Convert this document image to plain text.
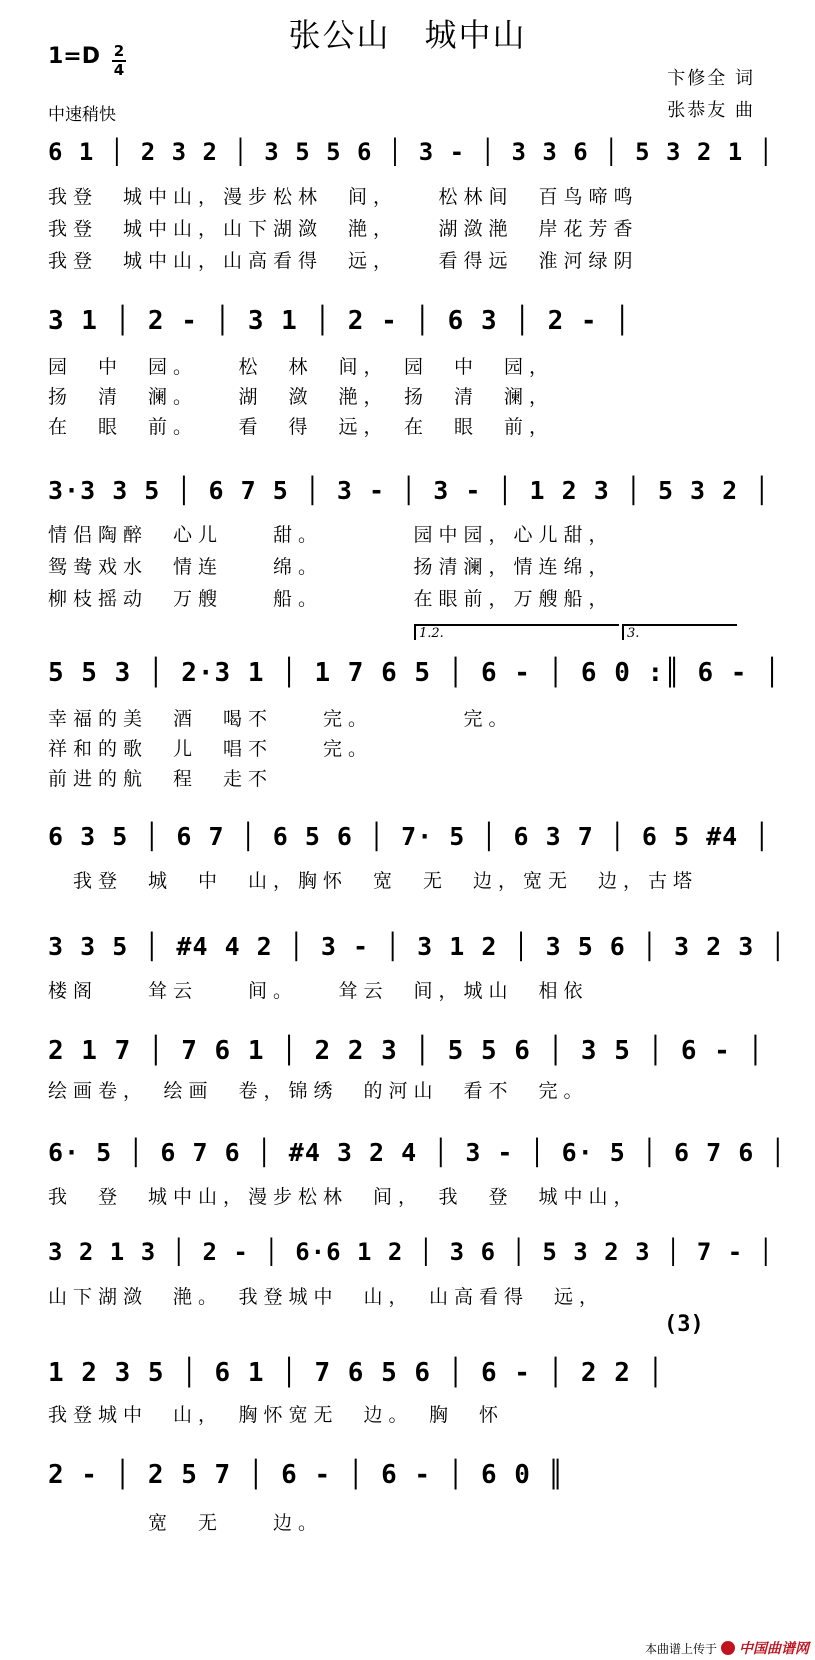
张公山　城中山
1=D 2
4
中速稍快
卞修全 词
张恭友 曲
6 1 │ 2 3 2 │ 3 5 5 6 │ 3 - │ 3 3 6 │ 5 3 2 1 │
我登　城中山，漫步松林　间，　　松林间　百鸟啼鸣
我登　城中山，山下湖潋　滟，　　湖潋滟　岸花芳香
我登　城中山，山高看得　远，　　看得远　淮河绿阴
3 1 │ 2 - │ 3 1 │ 2 - │ 6 3 │ 2 - │
园　中　园。　　松　林　间，　园　中　园，
扬　清　澜。　　湖　潋　滟，　扬　清　澜，
在　眼　前。　　看　得　远，　在　眼　前，
3·3 3 5 │ 6 7 5 │ 3 - │ 3 - │ 1 2 3 │ 5 3 2 │
情侣陶醉　心儿　　甜。　　　　园中园，心儿甜，
鸳鸯戏水　情连　　绵。　　　　扬清澜，情连绵，
柳枝摇动　万艘　　船。　　　　在眼前，万艘船，
1.2.	3.
5 5 3 │ 2·3 1 │ 1 7 6 5 │ 6 - │ 6 0 :║ 6 - │
幸福的美　酒　喝不　　完。　　　　完。
祥和的歌　儿　唱不　　完。
前进的航　程　走不
6 3 5 │ 6 7 │ 6 5 6 │ 7· 5 │ 6 3 7 │ 6 5 #4 │
　我登　城　中　山，胸怀　宽　无　边，宽无　边，古塔
3 3 5 │ #4 4 2 │ 3 - │ 3 1 2 │ 3 5 6 │ 3 2 3 │
楼阁　　耸云　　间。　　耸云　间，城山　相依
2 1 7 │ 7 6 1 │ 2 2 3 │ 5 5 6 │ 3 5 │ 6 - │
绘画卷，　绘画　卷，锦绣　的河山　看不　完。
6· 5 │ 6 7 6 │ #4 3 2 4 │ 3 - │ 6· 5 │ 6 7 6 │
我　登　城中山，漫步松林　间，　我　登　城中山，
3 2 1 3 │ 2 - │ 6·6 1 2 │ 3 6 │ 5 3 2 3 │ 7 - │
山下湖潋　滟。　我登城中　山，　山高看得　远，
(3)
1 2 3 5 │ 6 1 │ 7 6 5 6 │ 6 - │ 2 2 │
我登城中　山，　胸怀宽无　边。　胸　怀
2 - │ 2 5 7 │ 6 - │ 6 - │ 6 0 ║
　　　　宽　无　　边。
本曲谱上传于 中国曲谱网
